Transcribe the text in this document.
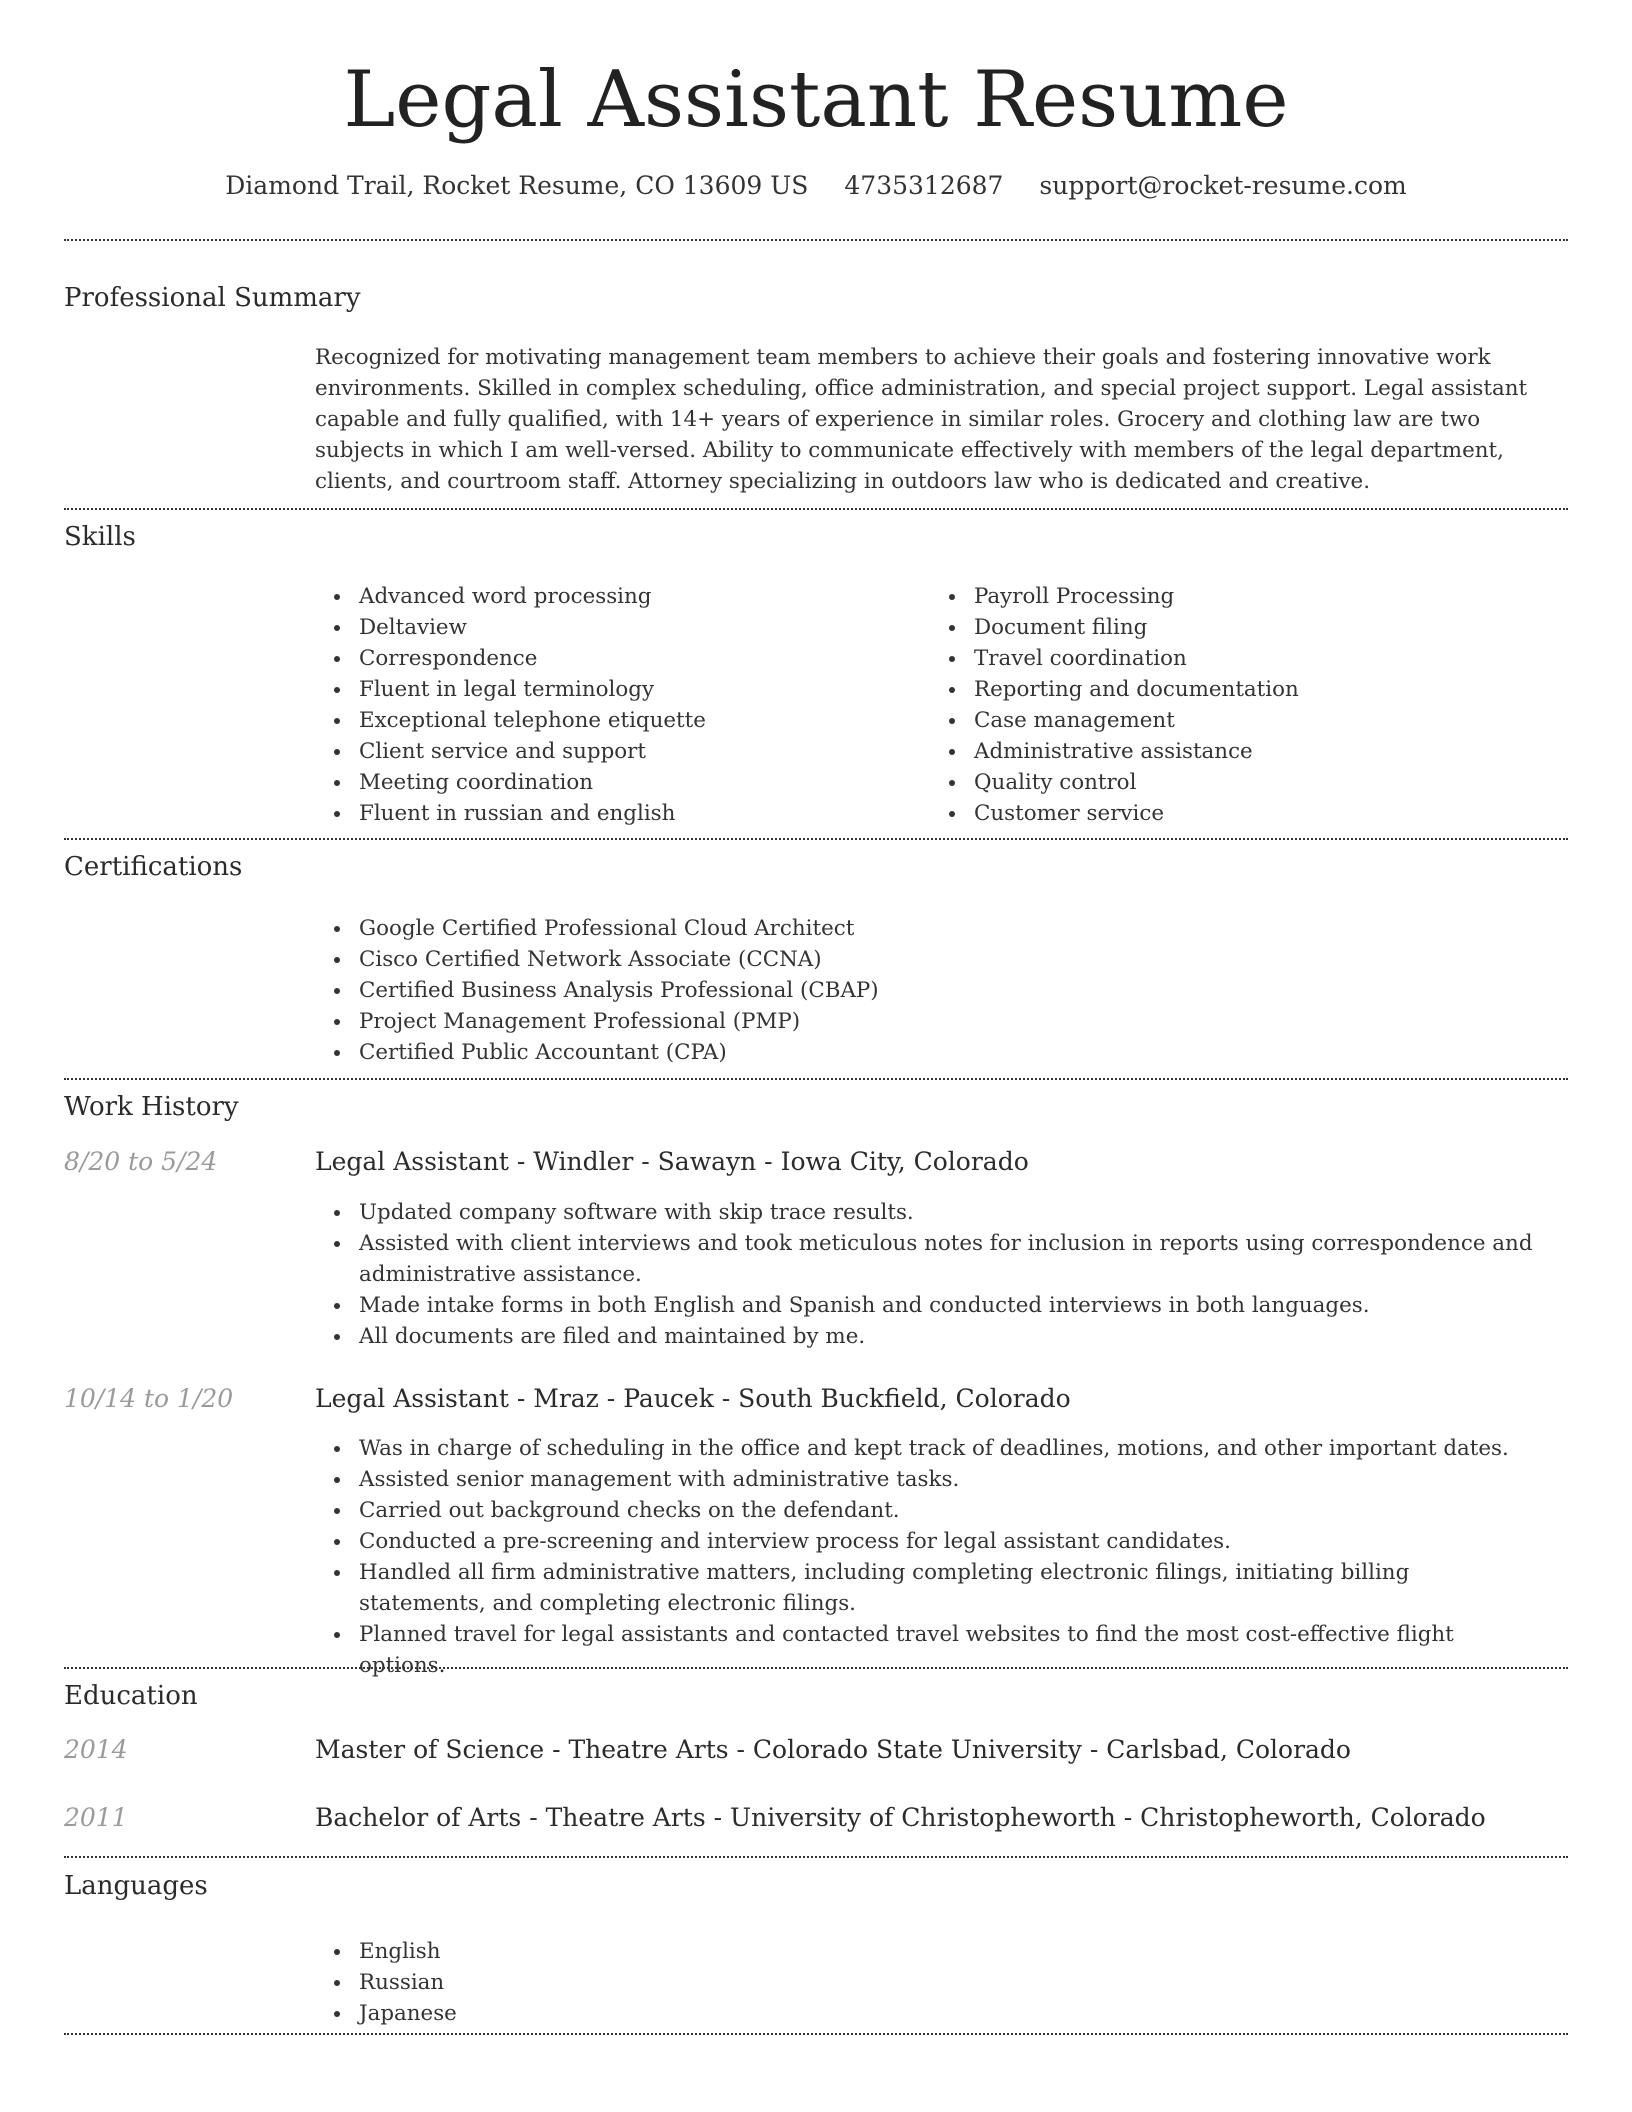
Legal Assistant Resume
Diamond Trail, Rocket Resume, CO 13609 US 4735312687 support@rocket-resume.com
Professional Summary

Recognized for motivating management team members to achieve their goals and fostering innovative work environments. Skilled in complex scheduling, office administration, and special project support. Legal assistant capable and fully qualified, with 14+ years of experience in similar roles. Grocery and clothing law are two subjects in which I am well-versed. Ability to communicate effectively with members of the legal department, clients, and courtroom staff. Attorney specializing in outdoors law who is dedicated and creative.

Skills
Advanced word processing
Deltaview
Correspondence
Fluent in legal terminology
Exceptional telephone etiquette
Client service and support
Meeting coordination
Fluent in russian and english
Payroll Processing
Document filing
Travel coordination
Reporting and documentation
Case management
Administrative assistance
Quality control
Customer service
Certifications
Google Certified Professional Cloud Architect
Cisco Certified Network Associate (CCNA)
Certified Business Analysis Professional (CBAP)
Project Management Professional (PMP)
Certified Public Accountant (CPA)
Work History
8/20 to 5/24	Legal Assistant - Windler - Sawayn - Iowa City, Colorado
Updated company software with skip trace results.
Assisted with client interviews and took meticulous notes for inclusion in reports using correspondence and administrative assistance.
Made intake forms in both English and Spanish and conducted interviews in both languages.
All documents are filed and maintained by me.
10/14 to 1/20	Legal Assistant - Mraz - Paucek - South Buckfield, Colorado
Was in charge of scheduling in the office and kept track of deadlines, motions, and other important dates.
Assisted senior management with administrative tasks.
Carried out background checks on the defendant.
Conducted a pre-screening and interview process for legal assistant candidates.
Handled all firm administrative matters, including completing electronic filings, initiating billing statements, and completing electronic filings.
Planned travel for legal assistants and contacted travel websites to find the most cost-effective flight options.
Education
2014	Master of Science - Theatre Arts - Colorado State University - Carlsbad, Colorado
2011	Bachelor of Arts - Theatre Arts - University of Christopheworth - Christopheworth, Colorado
Languages
English
Russian
Japanese
